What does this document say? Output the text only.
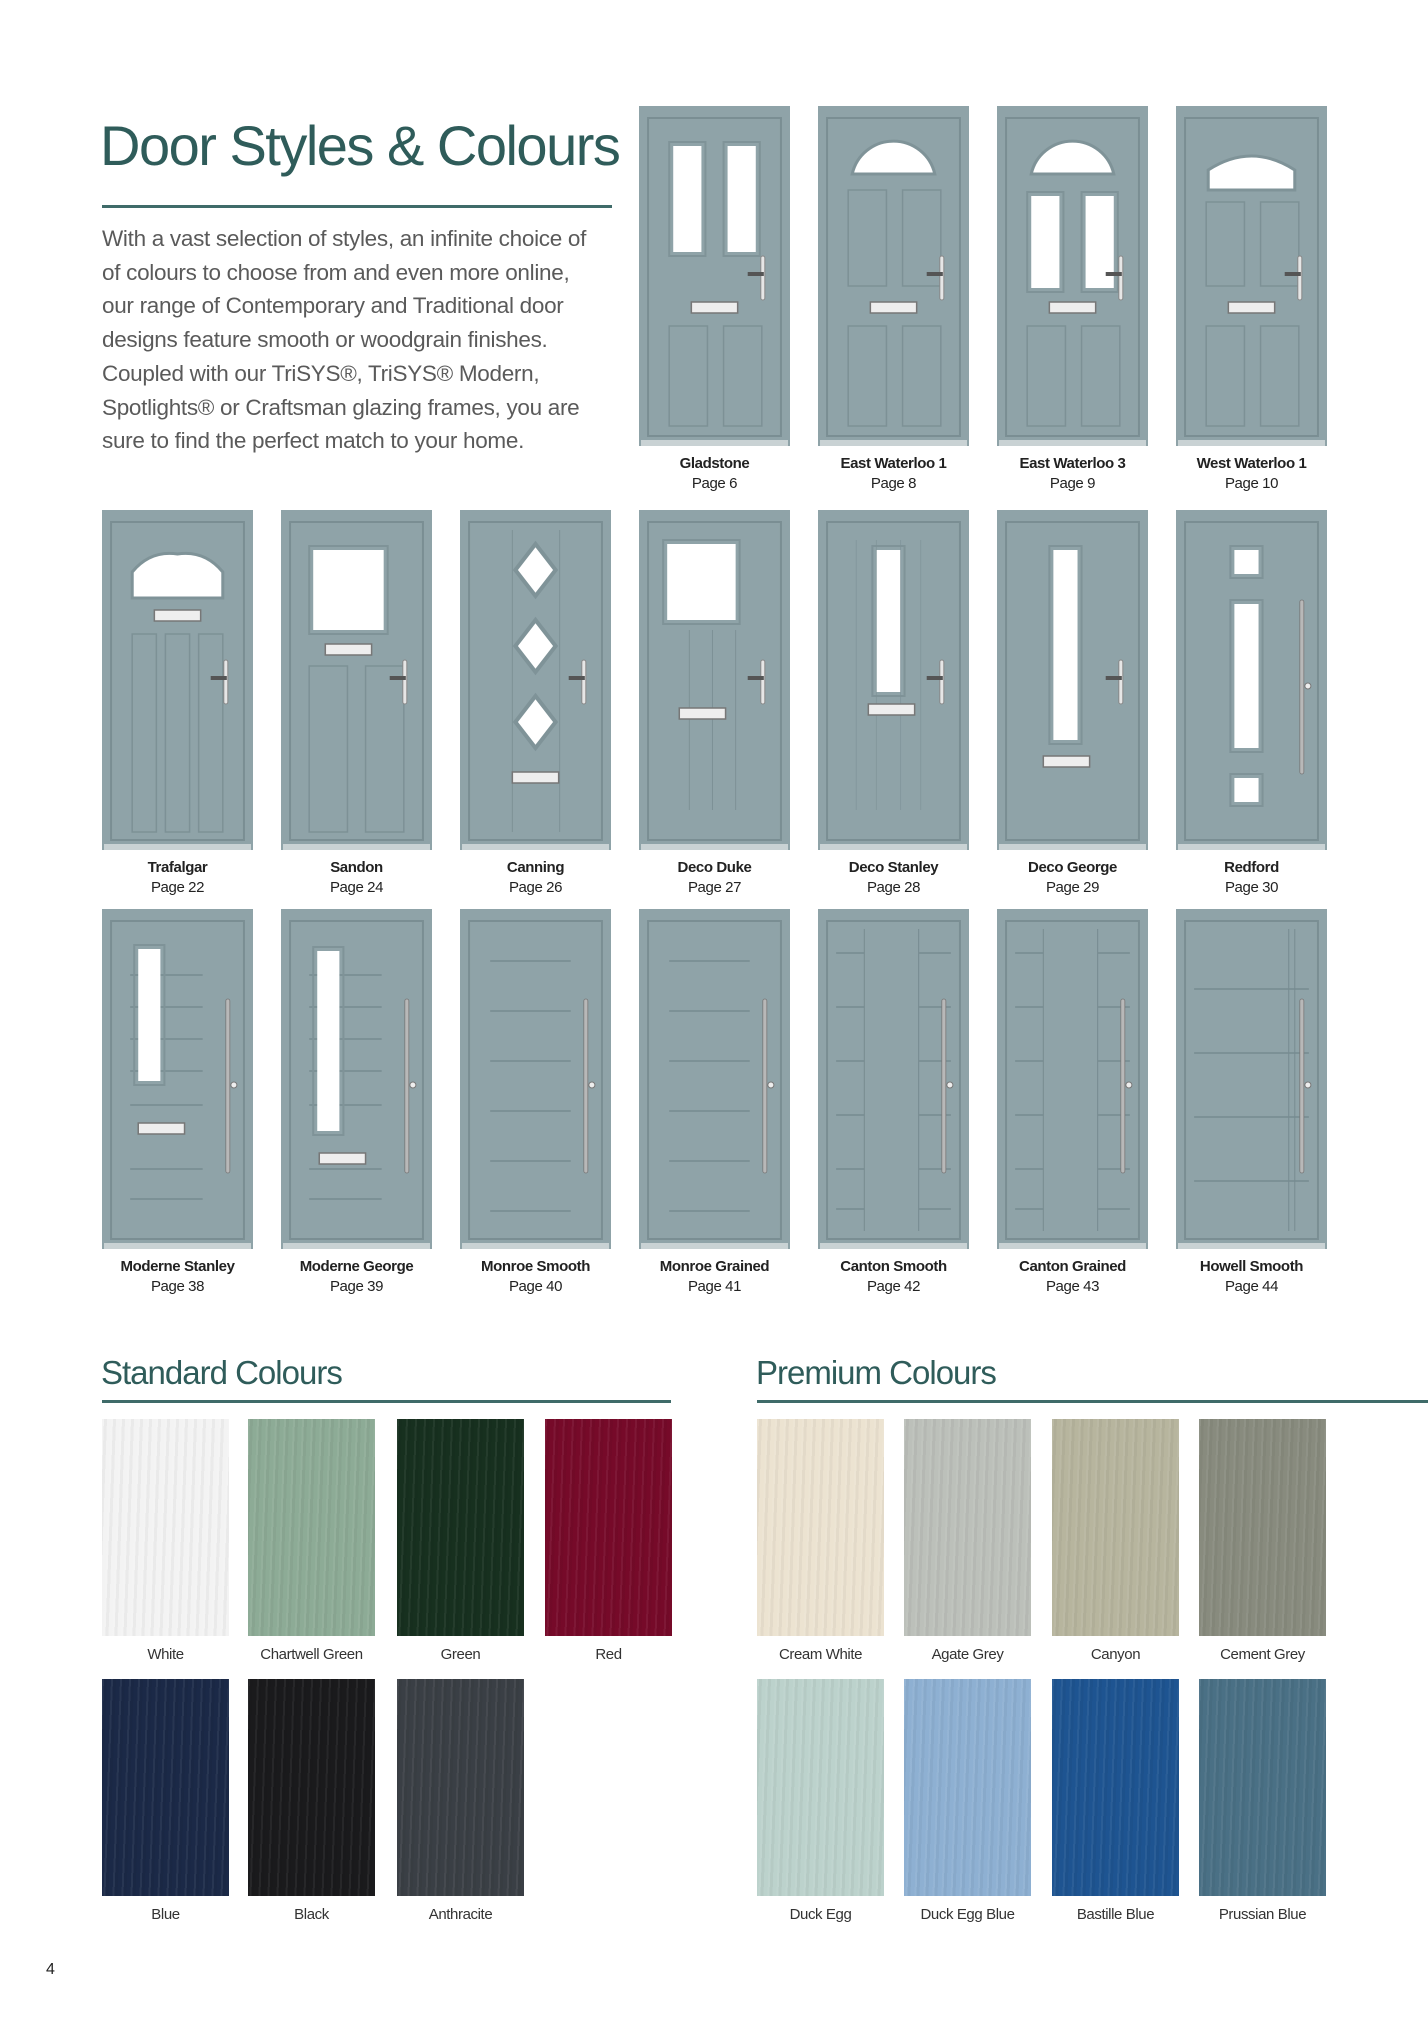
Door Styles & Colours

With a vast selection of styles, an infinite choice of

of colours to choose from and even more online,

our range of Contemporary and Traditional door

designs feature smooth or woodgrain finishes.

Coupled with our TriSYS®, TriSYS® Modern,

Spotlights® or Craftsman glazing frames, you are

sure to find the perfect match to your home.

Gladstone
Page 6
East Waterloo 1
Page 8
East Waterloo 3
Page 9
West Waterloo 1
Page 10
Trafalgar
Page 22
Sandon
Page 24
Canning
Page 26
Deco Duke
Page 27
Deco Stanley
Page 28
Deco George
Page 29
Redford
Page 30
Moderne Stanley
Page 38
Moderne George
Page 39
Monroe Smooth
Page 40
Monroe Grained
Page 41
Canton Smooth
Page 42
Canton Grained
Page 43
Howell Smooth
Page 44
Standard Colours	Premium Colours
White	Chartwell Green	Green	Red
Blue	Black	Anthracite
Cream White	Agate Grey	Canyon	Cement Grey
Duck Egg	Duck Egg Blue	Bastille Blue	Prussian Blue
4
